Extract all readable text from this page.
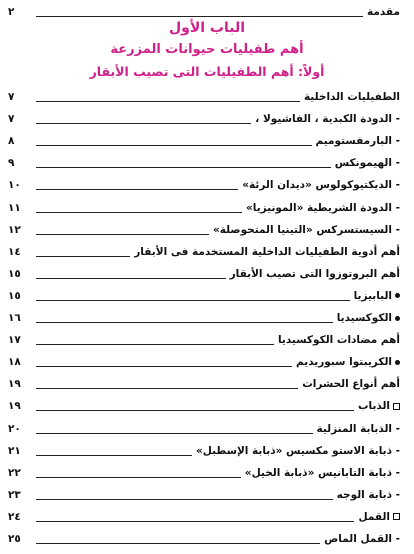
مقدمة
٢
الباب الأول
أهم طفيليات حيوانات المزرعة
أولاً: أهم الطفيليات التى تصيب الأبقار
الطفيليات الداخلية
٧
- الدودة الكبدية ، الفاشيولا ،
٧
- البارمفستوميم
٨
- الهيمونكس
٩
- الديكتيوكولوس «ديدان الرئة»
١٠
- الدودة الشريطية «المونيزيا»
١١
- السيستسركس «التينيا المتحوصلة»
١٢
أهم أدوية الطفيليات الداخلية المستخدمة فى الأبقار
١٤
أهم البروتوزوا التى تصيب الأبقار
١٥
البابيزيا
١٥
الكوكسيديا
١٦
أهم مضادات الكوكسيديا
١٧
الكريبتوا سبوريديم
١٨
أهم أنواع الحشرات
١٩
الذباب
١٩
- الذبابة المنزلية
٢٠
- ذبابة الاستو مكسيس «ذبابة الإسطبل»
٢١
- ذبابة التابانيس «ذبابة الخيل»
٢٢
- ذبابة الوجه
٢٣
القمل
٢٤
- القمل الماص
٢٥
